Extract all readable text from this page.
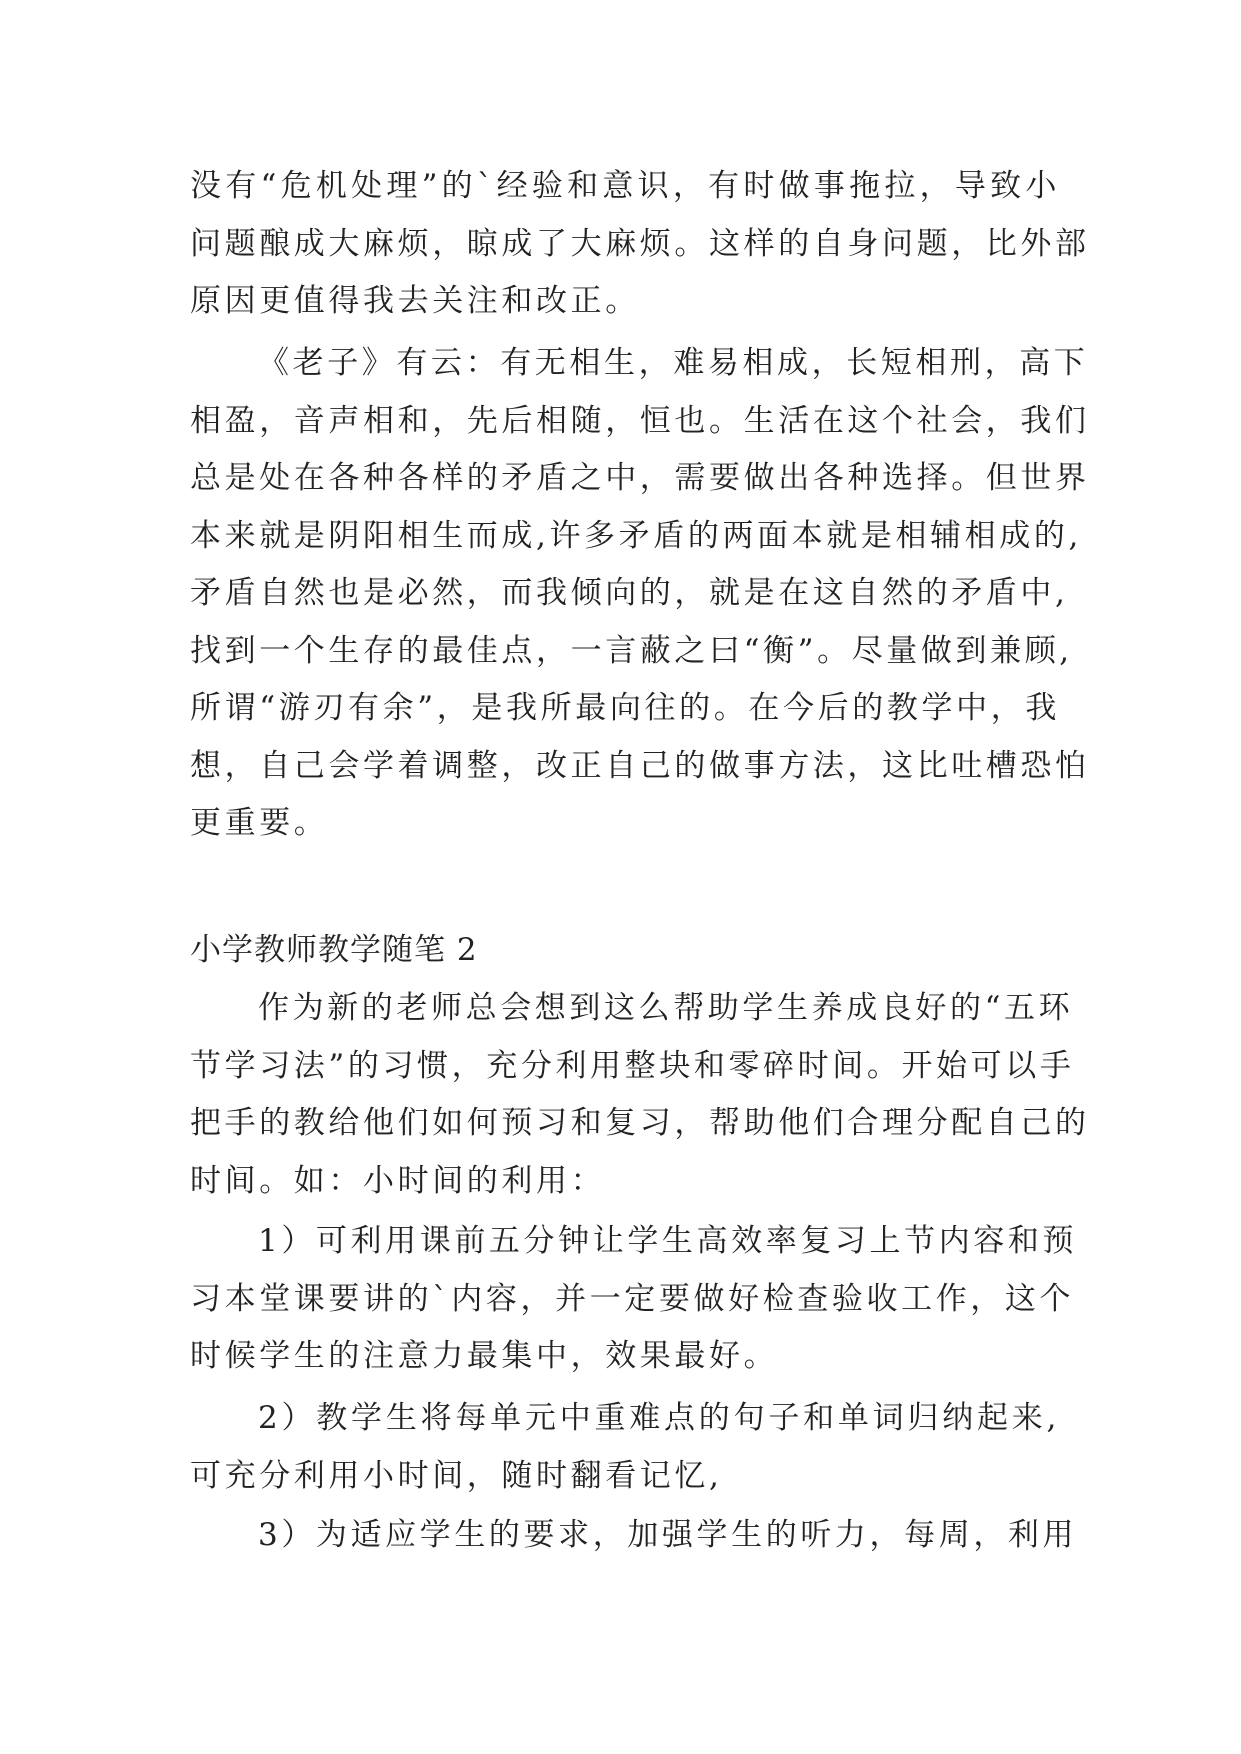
没有“危机处理”的`经验和意识，有时做事拖拉，导致小
问题酿成大麻烦，晾成了大麻烦。这样的自身问题，比外部
原因更值得我去关注和改正。
《老子》有云：有无相生，难易相成，长短相刑，高下
相盈，音声相和，先后相随，恒也。生活在这个社会，我们
总是处在各种各样的矛盾之中，需要做出各种选择。但世界
本来就是阴阳相生而成,许多矛盾的两面本就是相辅相成的,
矛盾自然也是必然，而我倾向的，就是在这自然的矛盾中,
找到一个生存的最佳点，一言蔽之曰“衡”。尽量做到兼顾,
所谓“游刃有余”，是我所最向往的。在今后的教学中，我
想，自己会学着调整，改正自己的做事方法，这比吐槽恐怕
更重要。
小学教师教学随笔 2
作为新的老师总会想到这么帮助学生养成良好的“五环
节学习法”的习惯，充分利用整块和零碎时间。开始可以手
把手的教给他们如何预习和复习，帮助他们合理分配自己的
时间。如：小时间的利用：
1）可利用课前五分钟让学生高效率复习上节内容和预
习本堂课要讲的`内容，并一定要做好检查验收工作，这个
时候学生的注意力最集中，效果最好。
2）教学生将每单元中重难点的句子和单词归纳起来,
可充分利用小时间，随时翻看记忆,
3）为适应学生的要求，加强学生的听力，每周，利用
